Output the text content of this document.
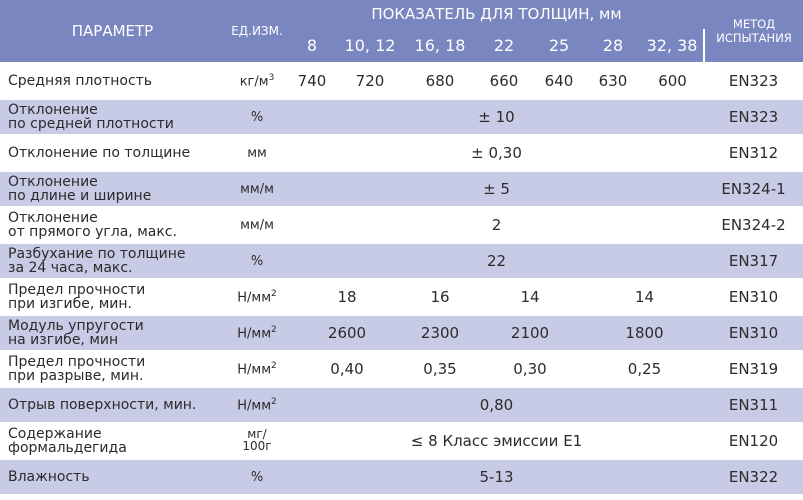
ПАРАМЕТР	ЕД.ИЗМ.	ПОКАЗАТЕЛЬ ДЛЯ ТОЛЩИН, мм							МЕТОД
ИСПЫТАНИЯ

		8	10, 12	16, 18	22	25	28	32, 38	

Средняя плотность	$кг/м^3$	740	720	680	660	640	630	600	EN323

Отклонение
по средней плотности	%	± 10							EN323

Отклонение по толщине	мм	± 0,30							EN312

Отклонение
по длине и ширине	мм/м	± 5							EN324-1

Отклонение
от прямого угла, макс.	мм/м	2							EN324-2

Разбухание по толщине
за 24 часа, макс.	%	22							EN317

Предел прочности
при изгибе, мин.	$Н/мм^2$	18		16	14		14		EN310

Модуль упругости
на изгибе, мин	$Н/мм^2$	2600		2300	2100		1800		EN310

Предел прочности
при разрыве, мин.	$Н/мм^2$	0,40		0,35	0,30		0,25		EN319

Отрыв поверхности, мин.	$Н/мм^2$	0,80							EN311

Содержание
формальдегида	мг/
100г	≤ 8 Класс эмиссии Е1							EN120

Влажность	%	5-13							EN322
